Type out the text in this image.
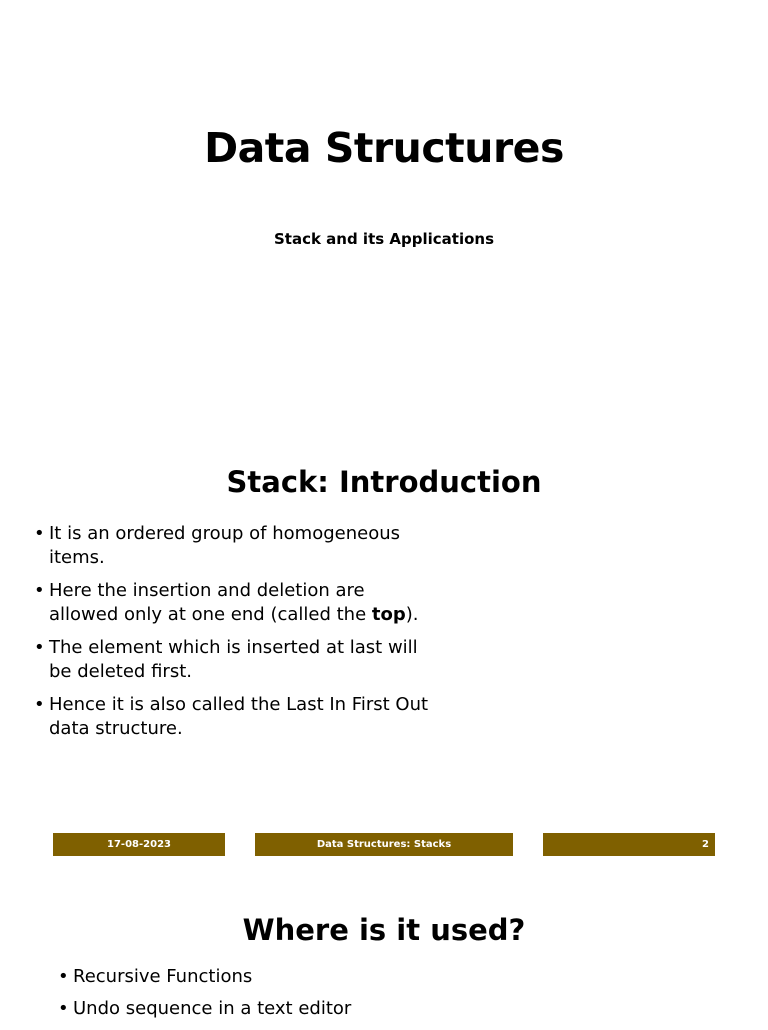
Data Structures
Stack and its Applications
Stack: Introduction
• It is an ordered group of homogeneous items.
• Here the insertion and deletion are allowed only at one end (called the top).
• The element which is inserted at last will be deleted first.
• Hence it is also called the Last In First Out data structure.
17-08-2023	Data Structures: Stacks	2
Where is it used?
• Recursive Functions
• Undo sequence in a text editor
